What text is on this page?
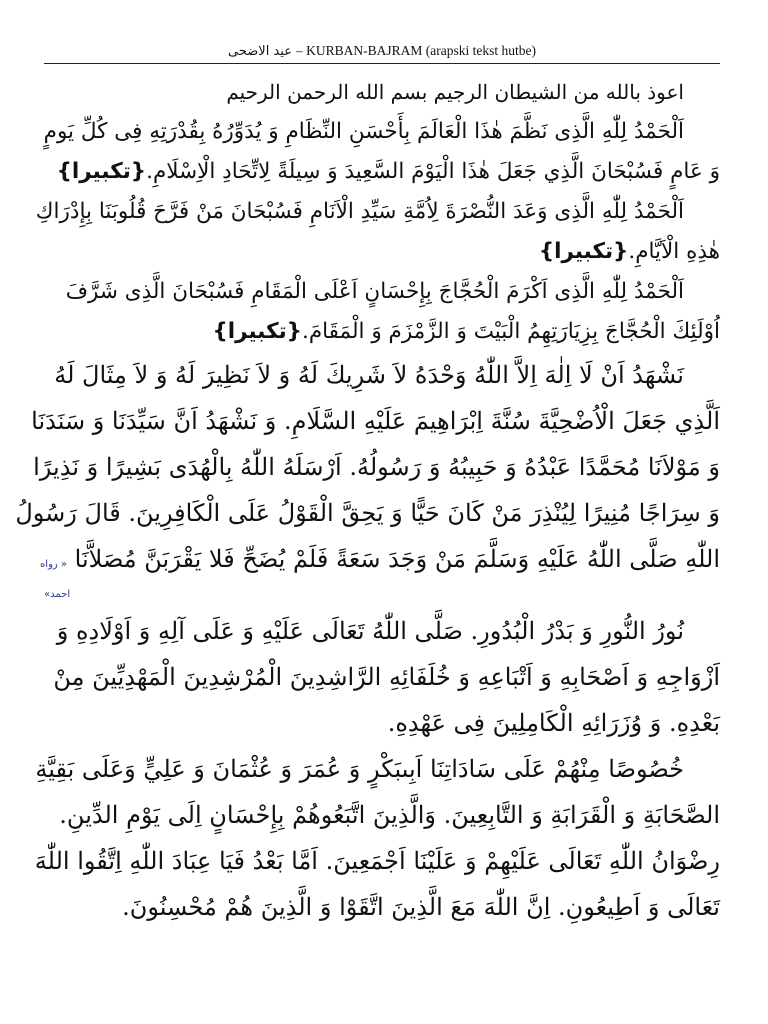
عيد الاضحى – KURBAN-BAJRAM (arapski tekst hutbe)
اعوذ بالله من الشيطان الرجيم بسم الله الرحمن الرحيم

اَلْحَمْدُ لِلّٰهِ الَّذِى نَظَّمَ هٰذَا الْعَالَمَ بِأَحْسَنِ النِّظَامِ وَ يُدَوِّرُهُ بِقُدْرَتِهِ فِى كُلِّ يَومٍ
وَ عَامٍ فَسُبْحَانَ الَّذِي جَعَلَ هٰذَا الْيَوْمَ السَّعِيدَ وَ سِيلَةً لِاتِّحَادِ الْاِسْلَامِ.{تكبيرا}

اَلْحَمْدُ لِلّٰهِ الَّذِى وَعَدَ النُّصْرَةَ لِاُمَّةِ سَيِّدِ الْاَنَامِ فَسُبْحَانَ مَنْ فَرَّحَ قُلُوبَنَا بِإِدْرَاكِ
هٰذِهِ الْاَيَّامِ.{تكبيرا}

اَلْحَمْدُ لِلّٰهِ الَّذِى اَكْرَمَ الْحُجَّاجَ بِإِحْسَانٍ اَعْلَى الْمَقَامِ فَسُبْحَانَ الَّذِى شَرَّفَ
اُوْلَئِكَ الْحُجَّاجَ بِزِيَارَتِهِمُ الْبَيْتَ وَ الزَّمْزَمَ وَ الْمَقَامَ.{تكبيرا}

نَشْهَدُ اَنْ لَا اِلٰهَ اِلاَّ اللّٰهُ وَحْدَهُ لاَ شَرِيكَ لَهُ وَ لاَ نَظِيرَ لَهُ وَ لاَ مِثَالَ لَهُ
اَلَّذِي جَعَلَ الْاُضْحِيَّةَ سُنَّةَ اِبْرَاهِيمَ عَلَيْهِ السَّلَامِ. وَ نَشْهَدُ اَنَّ سَيِّدَنَا وَ سَنَدَنَا
وَ مَوْلاَنَا مُحَمَّدًا عَبْدُهُ وَ حَبِيبُهُ وَ رَسُولُهُ. اَرْسَلَهُ اللّٰهُ بِالْهُدَى بَشِيرًا وَ نَذِيرًا
وَ سِرَاجًا مُنِيرًا لِيُنْذِرَ مَنْ كَانَ حَيًّا وَ يَحِقَّ الْقَوْلُ عَلَى الْكَافِرِينَ. قَالَ رَسُولُ
اللّٰهِ صَلَّى اللّٰهُ عَلَيْهِ وَسَلَّمَ مَنْ وَجَدَ سَعَةً فَلَمْ يُضَحِّ فَلا يَقْرَبَنَّ مُصَلاَّنَا « رواه
احمد»

نُورُ النُّورِ وَ بَدْرُ الْبُدُورِ. صَلَّى اللّٰهُ تَعَالَى عَلَيْهِ وَ عَلَى آلِهِ وَ اَوْلَادِهِ وَ
اَزْوَاجِهِ وَ اَصْحَابِهِ وَ اَتْبَاعِهِ وَ خُلَفَائِهِ الرَّاشِدِينَ الْمُرْشِدِينَ الْمَهْدِيِّينَ مِنْ
بَعْدِهِ. وَ وُزَرَائِهِ الْكَامِلِينَ فِى عَهْدِهِ.

خُصُوصًا مِنْهُمْ عَلَى سَادَاتِنَا اَبِىبَكْرٍ وَ عُمَرَ وَ عُثْمَانَ وَ عَلِيٍّ وَعَلَى بَقِيَّةِ
الصَّحَابَةِ وَ الْقَرَابَةِ وَ التَّابِعِينَ. وَالَّذِينَ اتَّبَعُوهُمْ بِإِحْسَانٍ اِلَى يَوْمِ الدِّينِ.
رِضْوَانُ اللّٰهِ تَعَالَى عَلَيْهِمْ وَ عَلَيْنَا اَجْمَعِينَ. اَمَّا بَعْدُ فَيَا عِبَادَ اللّٰهِ اِتَّقُوا اللّٰهَ
تَعَالَى وَ اَطِيعُونِ. اِنَّ اللّٰهَ مَعَ الَّذِينَ اتَّقَوْا وَ الَّذِينَ هُمْ مُحْسِنُونَ.
